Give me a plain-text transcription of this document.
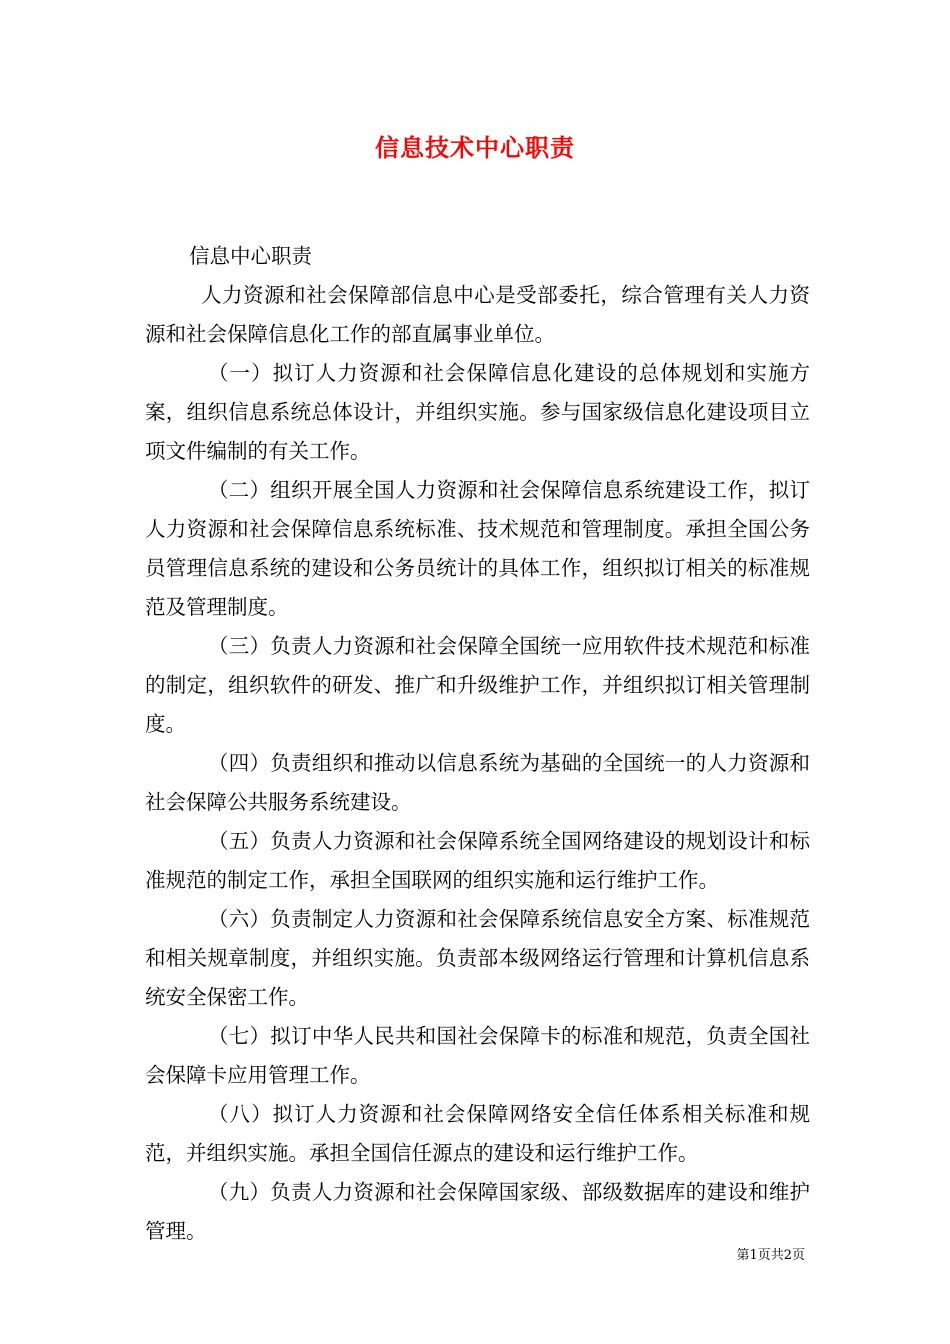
信息技术中心职责

信息中心职责

人力资源和社会保障部信息中心是受部委托，综合管理有关人力资源和社会保障信息化工作的部直属事业单位。

（一）拟订人力资源和社会保障信息化建设的总体规划和实施方案，组织信息系统总体设计，并组织实施。参与国家级信息化建设项目立项文件编制的有关工作。

（二）组织开展全国人力资源和社会保障信息系统建设工作，拟订人力资源和社会保障信息系统标准、技术规范和管理制度。承担全国公务员管理信息系统的建设和公务员统计的具体工作，组织拟订相关的标准规范及管理制度。

（三）负责人力资源和社会保障全国统一应用软件技术规范和标准的制定，组织软件的研发、推广和升级维护工作，并组织拟订相关管理制度。

（四）负责组织和推动以信息系统为基础的全国统一的人力资源和社会保障公共服务系统建设。

（五）负责人力资源和社会保障系统全国网络建设的规划设计和标准规范的制定工作，承担全国联网的组织实施和运行维护工作。

（六）负责制定人力资源和社会保障系统信息安全方案、标准规范和相关规章制度，并组织实施。负责部本级网络运行管理和计算机信息系统安全保密工作。

（七）拟订中华人民共和国社会保障卡的标准和规范，负责全国社会保障卡应用管理工作。

（八）拟订人力资源和社会保障网络安全信任体系相关标准和规范，并组织实施。承担全国信任源点的建设和运行维护工作。

（九）负责人力资源和社会保障国家级、部级数据库的建设和维护管理。

第1页共2页
